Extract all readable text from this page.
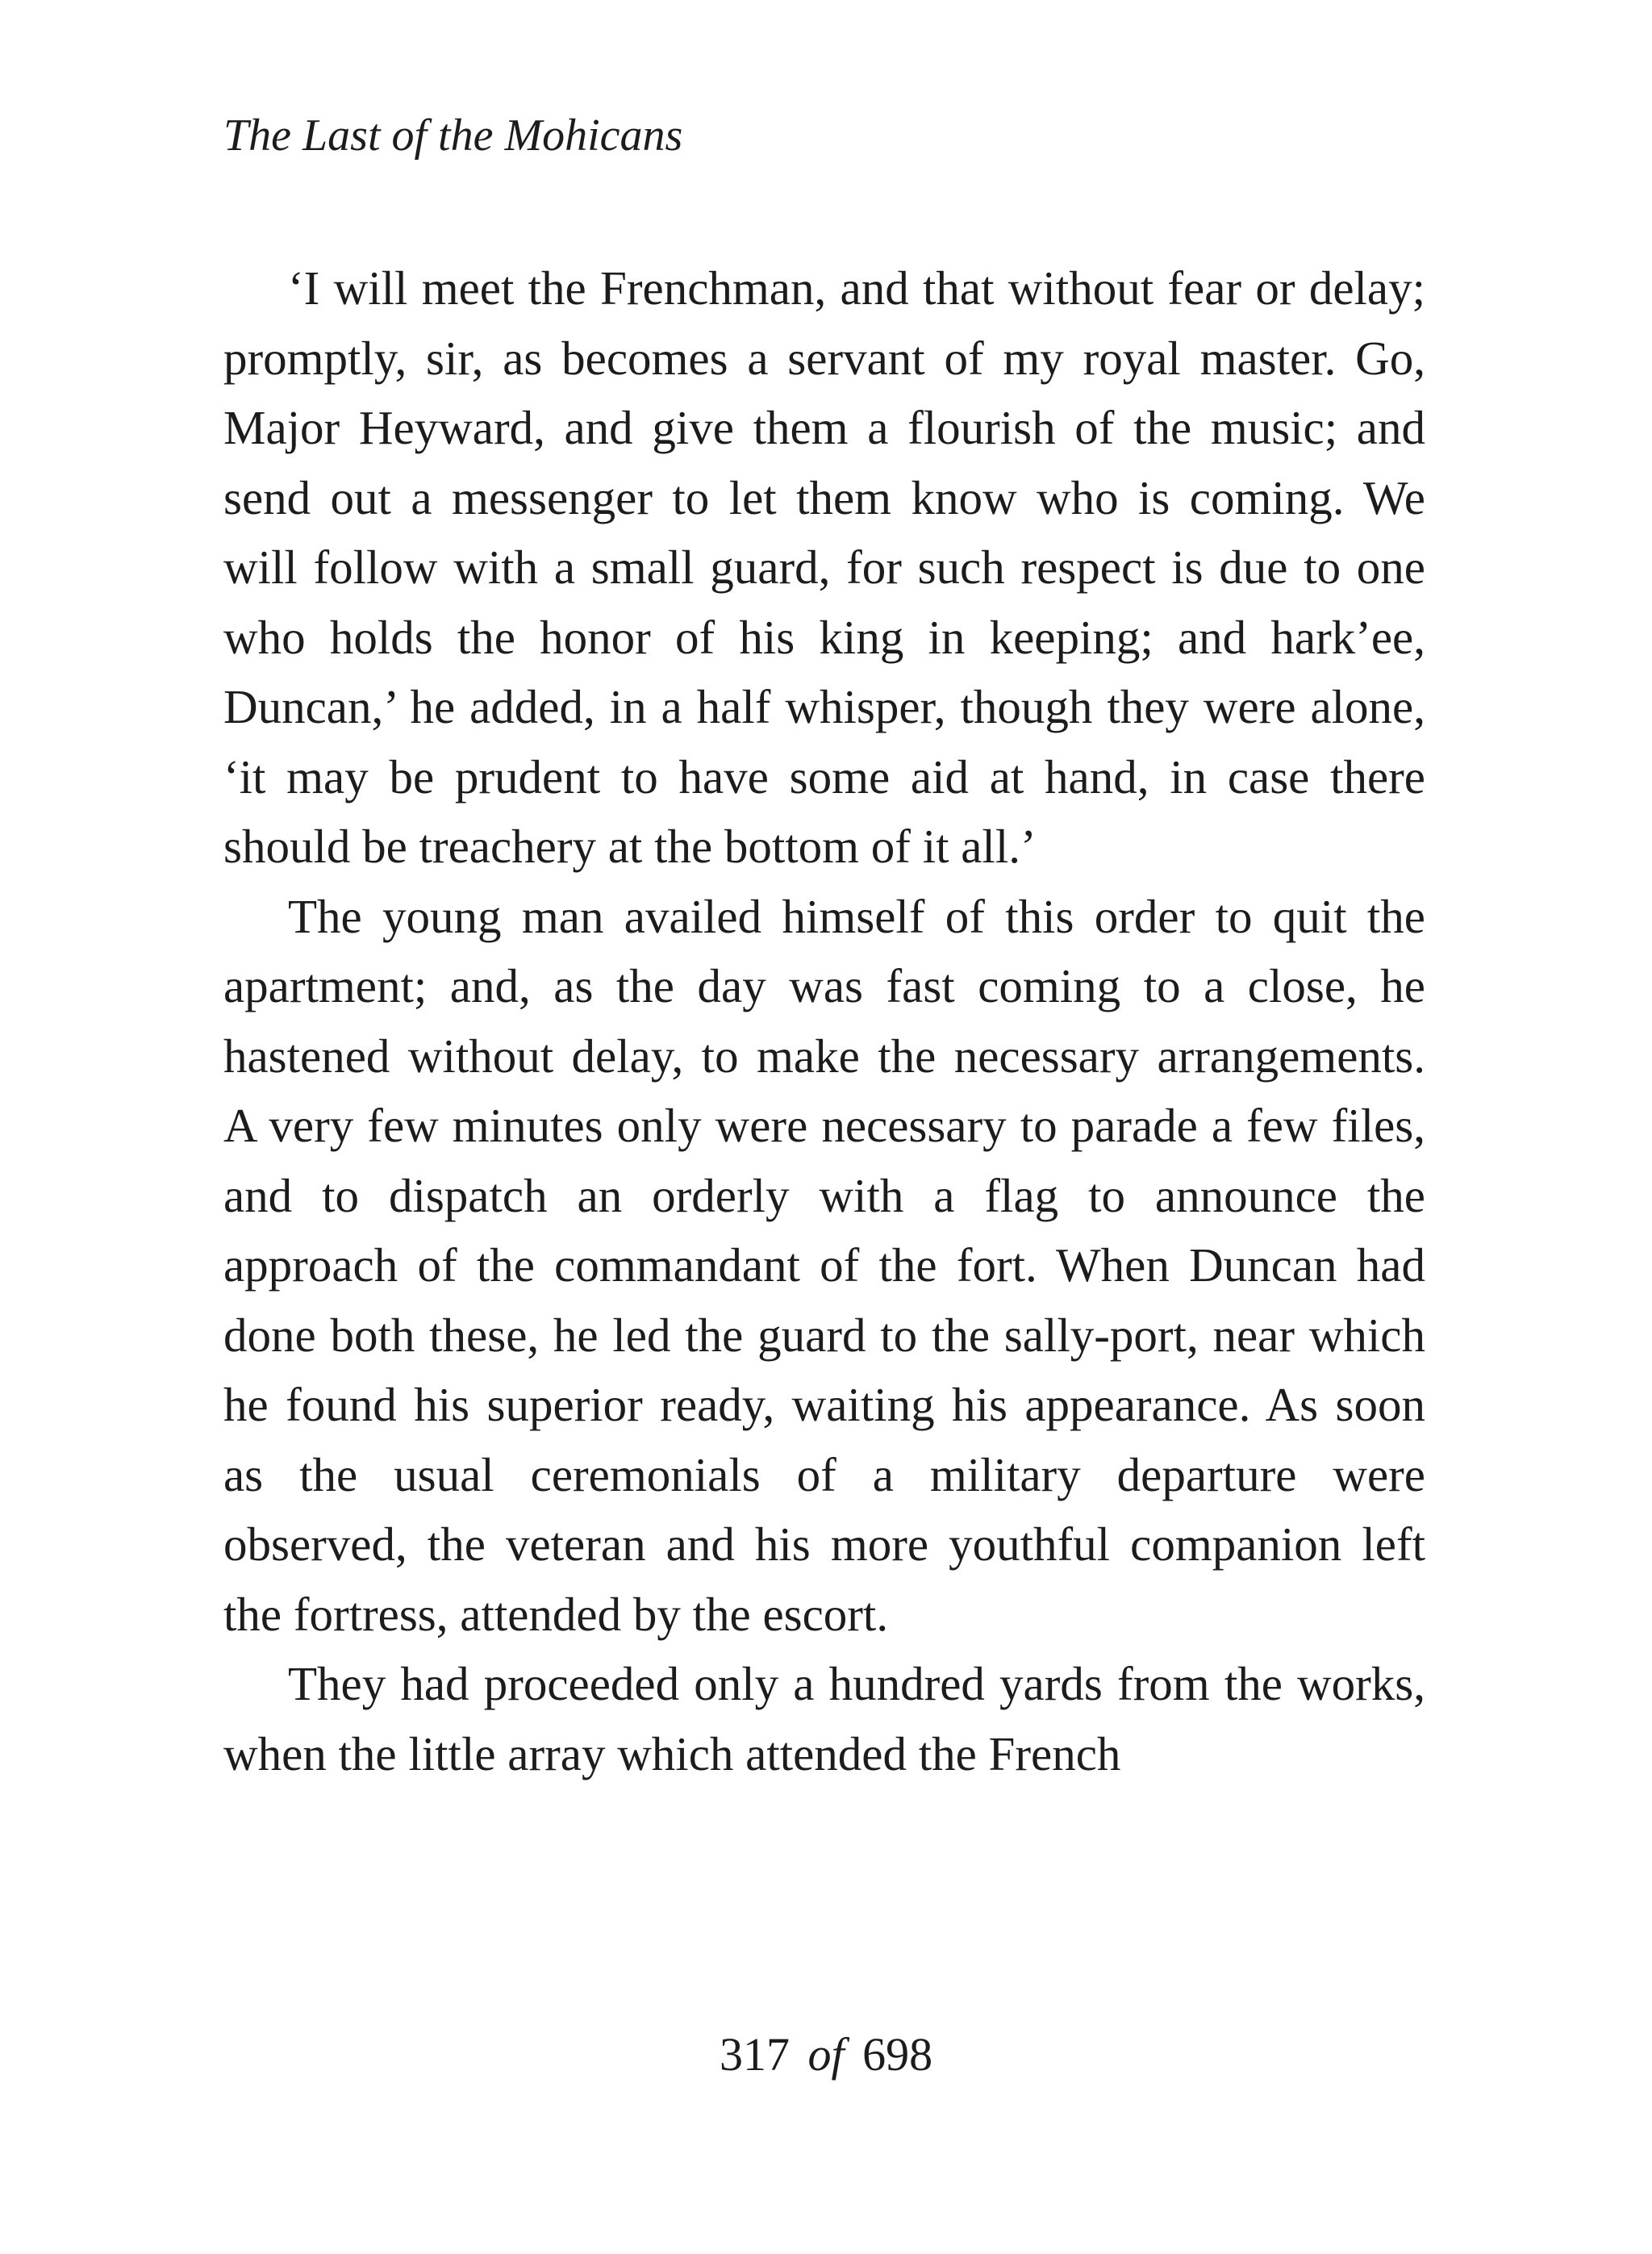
The Last of the Mohicans

‘I will meet the Frenchman, and that without fear or delay; promptly, sir, as becomes a servant of my royal master. Go, Major Heyward, and give them a flourish of the music; and send out a messenger to let them know who is coming. We will follow with a small guard, for such respect is due to one who holds the honor of his king in keeping; and hark’ee, Duncan,’ he added, in a half whisper, though they were alone, ‘it may be prudent to have some aid at hand, in case there should be treachery at the bottom of it all.’

The young man availed himself of this order to quit the apartment; and, as the day was fast coming to a close, he hastened without delay, to make the necessary arrangements. A very few minutes only were necessary to parade a few files, and to dispatch an orderly with a flag to announce the approach of the commandant of the fort. When Duncan had done both these, he led the guard to the sally-port, near which he found his superior ready, waiting his appearance. As soon as the usual ceremonials of a military departure were observed, the veteran and his more youthful companion left the fortress, attended by the escort.

They had proceeded only a hundred yards from the works, when the little array which attended the French

317 of 698
